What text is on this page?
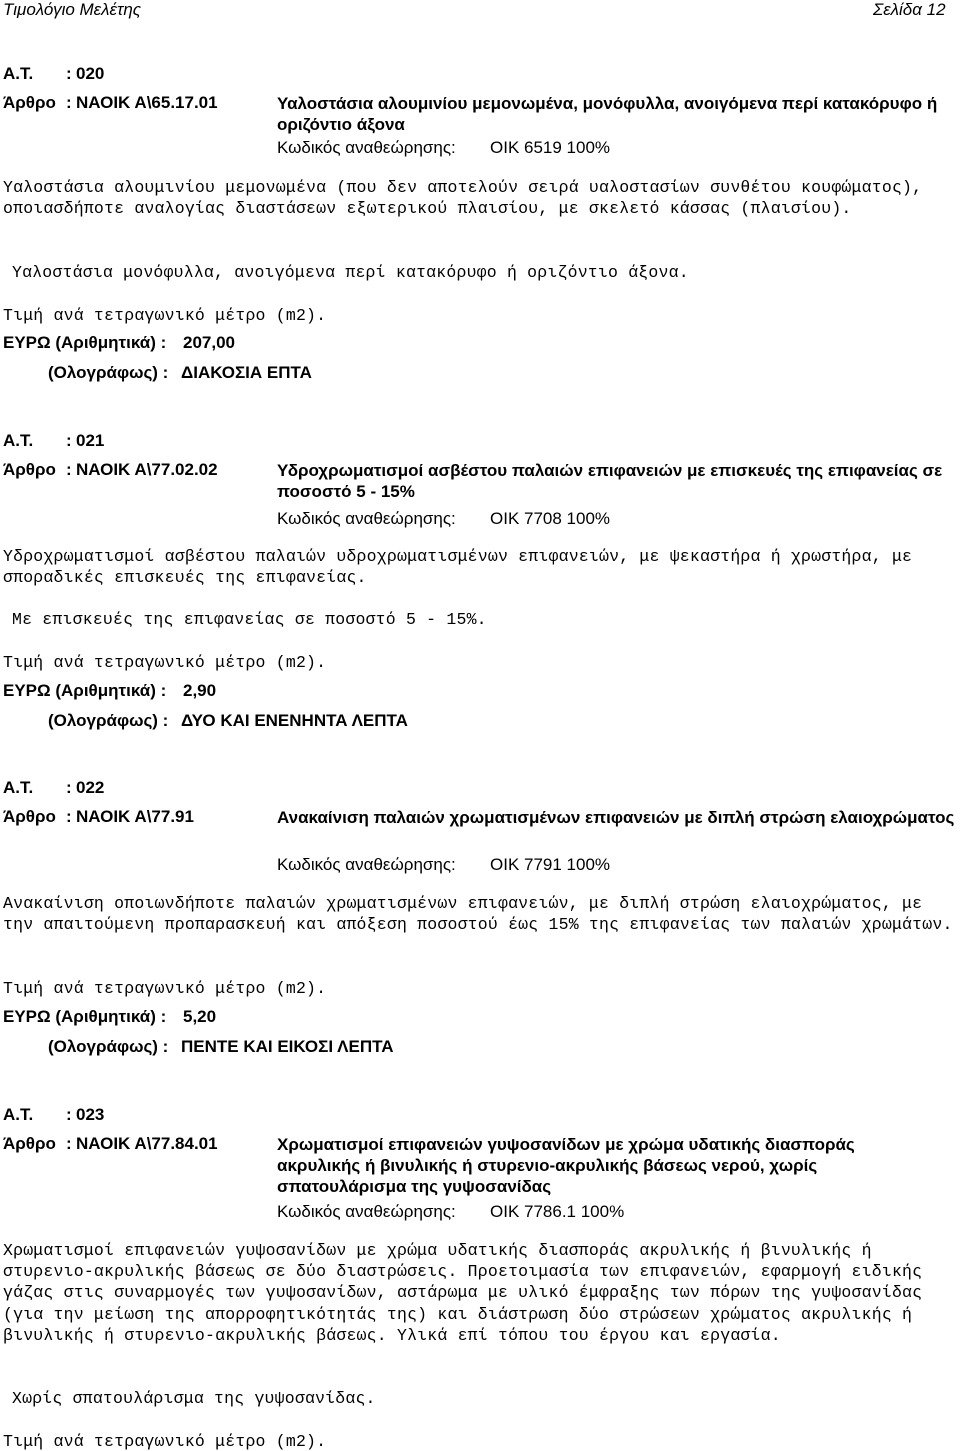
Τιμολόγιο Μελέτης	Σελίδα 12
Α.Τ. : 020
Άρθρο : ΝΑΟΙΚ Α\65.17.01	Υαλοστάσια αλουμινίου μεμονωμένα, μονόφυλλα, ανοιγόμενα περί κατακόρυφο ή οριζόντιο άξονα
Κωδικός αναθεώρησης: ΟΙΚ 6519 100%
Υαλοστάσια αλουμινίου μεμονωμένα (που δεν αποτελούν σειρά υαλοστασίων συνθέτου κουφώματος), οποιασδήποτε αναλογίας διαστάσεων εξωτερικού πλαισίου, με σκελετό κάσσας (πλαισίου).
Υαλοστάσια μονόφυλλα, ανοιγόμενα περί κατακόρυφο ή οριζόντιο άξονα.
Τιμή ανά τετραγωνικό μέτρο (m2).
ΕΥΡΩ (Αριθμητικά) : 207,00
(Ολογράφως) : ΔΙΑΚΟΣΙΑ ΕΠΤΑ
Α.Τ. : 021
Άρθρο : ΝΑΟΙΚ Α\77.02.02	Υδροχρωματισμοί ασβέστου παλαιών επιφανειών με επισκευές της επιφανείας σε ποσοστό 5 - 15%
Κωδικός αναθεώρησης: ΟΙΚ 7708 100%
Υδροχρωματισμοί ασβέστου παλαιών υδροχρωματισμένων επιφανειών, με ψεκαστήρα ή χρωστήρα, με σποραδικές επισκευές της επιφανείας.
Με επισκευές της επιφανείας σε ποσοστό 5 - 15%.
Τιμή ανά τετραγωνικό μέτρο (m2).
ΕΥΡΩ (Αριθμητικά) : 2,90
(Ολογράφως) : ΔΥΟ ΚΑΙ ΕΝΕΝΗΝΤΑ ΛΕΠΤΑ
Α.Τ. : 022
Άρθρο : ΝΑΟΙΚ Α\77.91	Ανακαίνιση παλαιών χρωματισμένων επιφανειών με διπλή στρώση ελαιοχρώματος
Κωδικός αναθεώρησης: ΟΙΚ 7791 100%
Ανακαίνιση οποιωνδήποτε παλαιών χρωματισμένων επιφανειών, με διπλή στρώση ελαιοχρώματος, με την απαιτούμενη προπαρασκευή και απόξεση ποσοστού έως 15% της επιφανείας των παλαιών χρωμάτων.
Τιμή ανά τετραγωνικό μέτρο (m2).
ΕΥΡΩ (Αριθμητικά) : 5,20
(Ολογράφως) : ΠΕΝΤΕ ΚΑΙ ΕΙΚΟΣΙ ΛΕΠΤΑ
Α.Τ. : 023
Άρθρο : ΝΑΟΙΚ Α\77.84.01	Χρωματισμοί επιφανειών γυψοσανίδων με χρώμα υδατικής διασποράς ακρυλικής ή βινυλικής ή στυρενιο-ακρυλικής βάσεως νερού, χωρίς σπατουλάρισμα της γυψοσανίδας
Κωδικός αναθεώρησης: ΟΙΚ 7786.1 100%
Χρωματισμοί επιφανειών γυψοσανίδων με χρώμα υδατικής διασποράς ακρυλικής ή βινυλικής ή στυρενιο-ακρυλικής βάσεως σε δύο διαστρώσεις. Προετοιμασία των επιφανειών, εφαρμογή ειδικής γάζας στις συναρμογές των γυψοσανίδων, αστάρωμα με υλικό έμφραξης των πόρων της γυψοσανίδας (για την μείωση της απορροφητικότητάς της) και διάστρωση δύο στρώσεων χρώματος ακρυλικής ή βινυλικής ή στυρενιο-ακρυλικής βάσεως. Υλικά επί τόπου του έργου και εργασία.
Χωρίς σπατουλάρισμα της γυψοσανίδας.
Τιμή ανά τετραγωνικό μέτρο (m2).
